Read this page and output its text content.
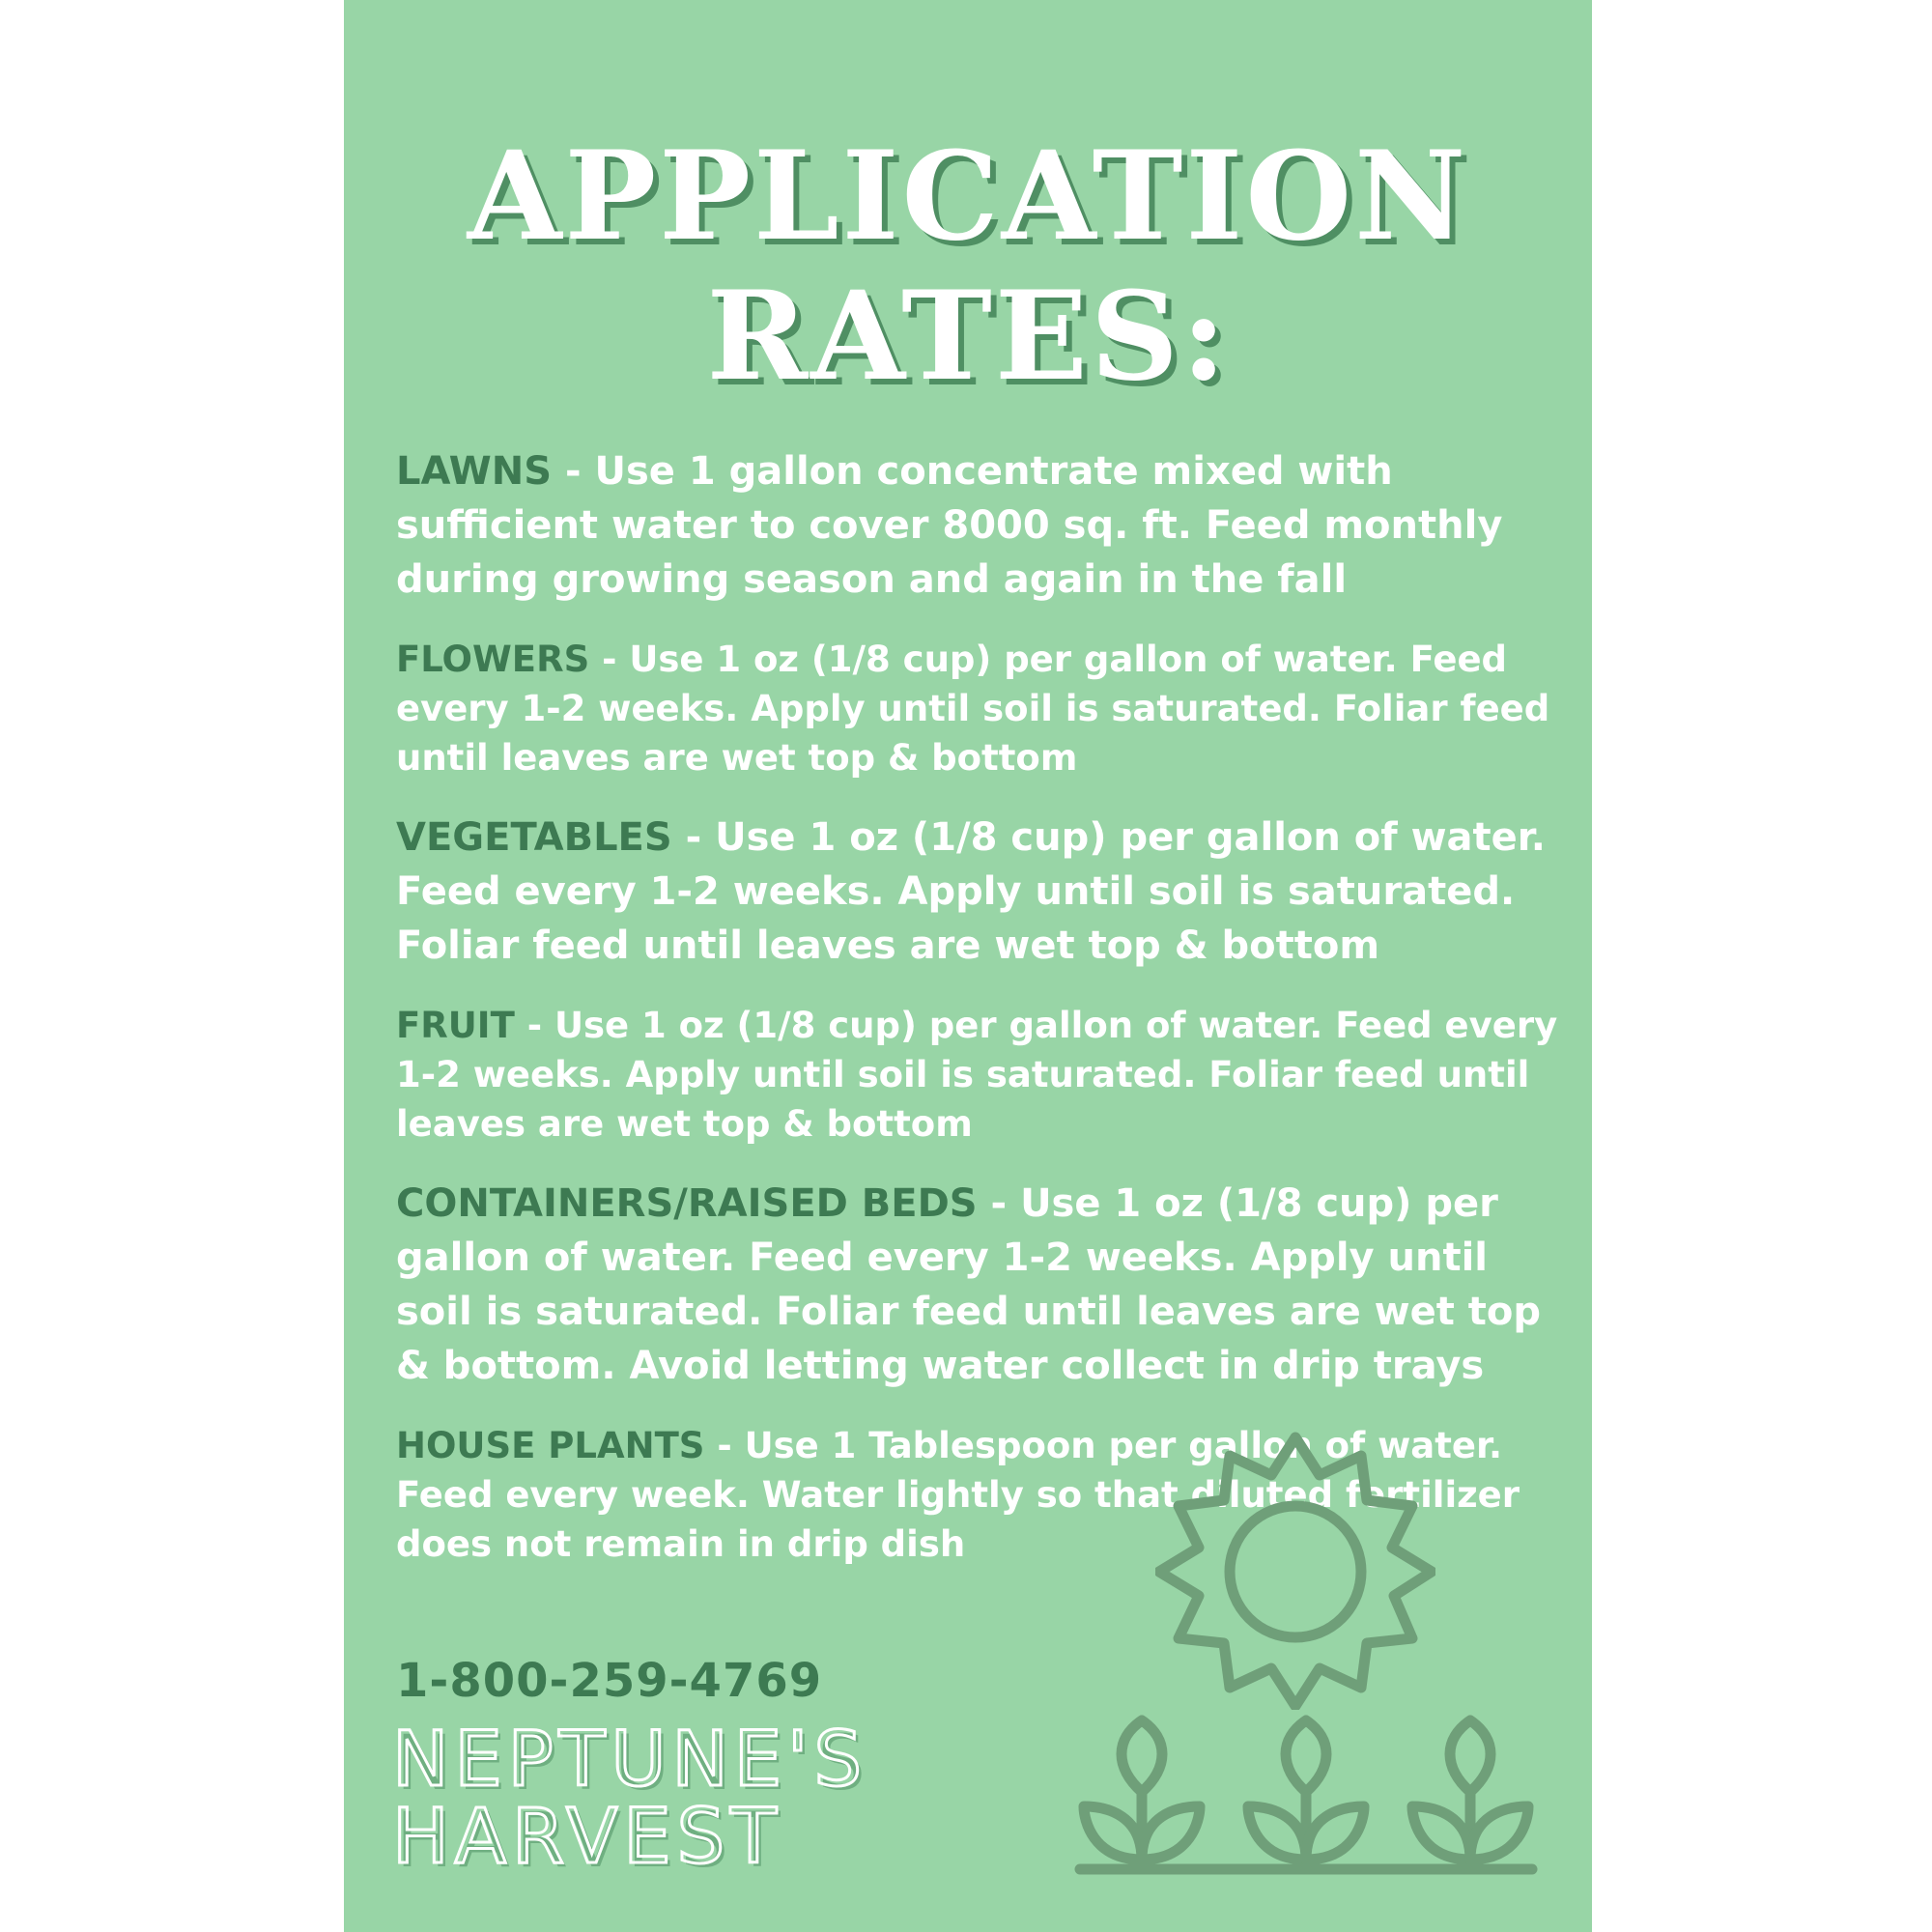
APPLICATION
RATES:

LAWNS - Use 1 gallon concentrate mixed with sufficient water to cover 8000 sq. ft. Feed monthly during growing season and again in the fall

FLOWERS - Use 1 oz (1/8 cup) per gallon of water. Feed every 1-2 weeks. Apply until soil is saturated. Foliar feed until leaves are wet top & bottom

VEGETABLES - Use 1 oz (1/8 cup) per gallon of water. Feed every 1-2 weeks. Apply until soil is saturated. Foliar feed until leaves are wet top & bottom

FRUIT - Use 1 oz (1/8 cup) per gallon of water. Feed every 1-2 weeks. Apply until soil is saturated. Foliar feed until leaves are wet top & bottom

CONTAINERS/RAISED BEDS - Use 1 oz (1/8 cup) per gallon of water. Feed every 1-2 weeks. Apply until soil is saturated. Foliar feed until leaves are wet top & bottom. Avoid letting water collect in drip trays

HOUSE PLANTS - Use 1 Tablespoon per gallon of water. Feed every week. Water lightly so that diluted fertilizer does not remain in drip dish

1-800-259-4769
NEPTUNE'S
HARVEST
